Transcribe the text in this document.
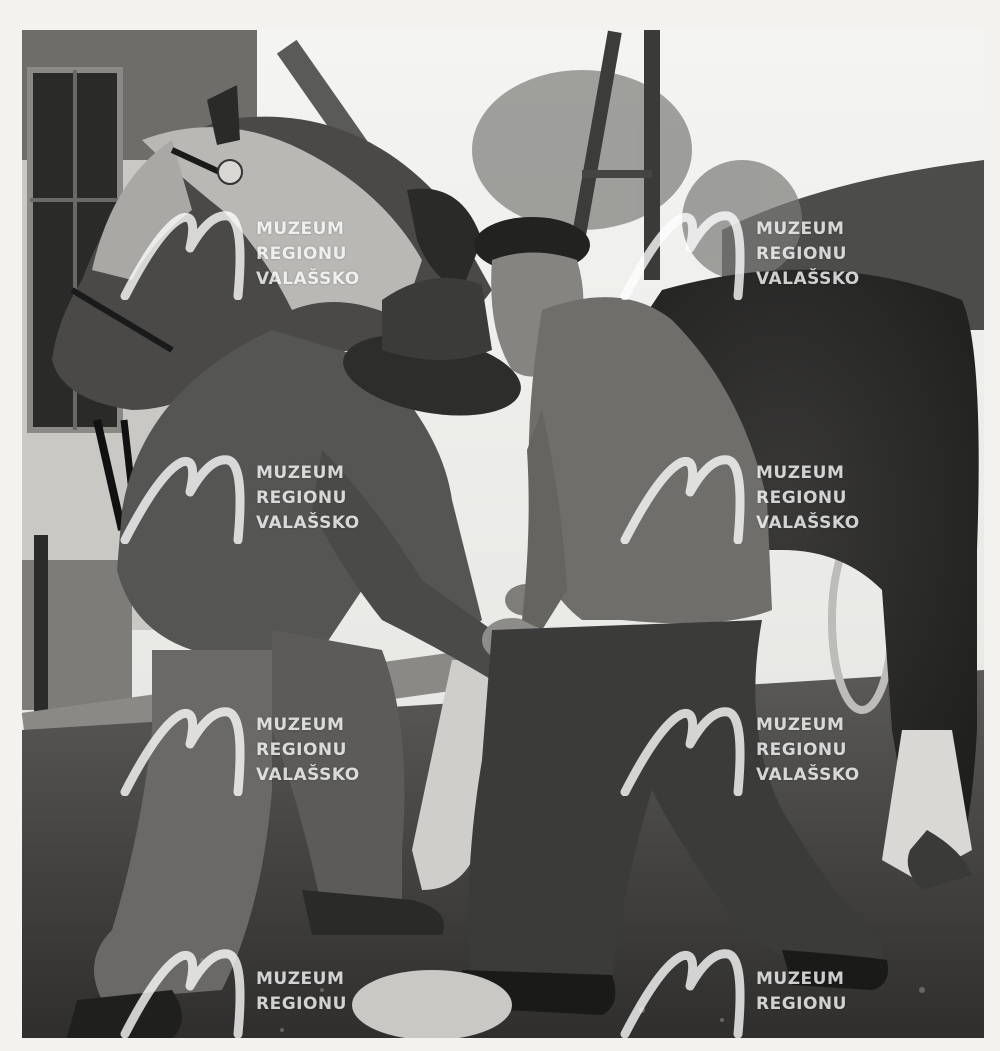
MUZEUM
REGIONU
VALAŠSKO
MUZEUM
REGIONU
VALAŠSKO
MUZEUM
REGIONU
VALAŠSKO
MUZEUM
REGIONU
VALAŠSKO
MUZEUM
REGIONU
VALAŠSKO
MUZEUM
REGIONU
VALAŠSKO
MUZEUM
REGIONU
MUZEUM
REGIONU
